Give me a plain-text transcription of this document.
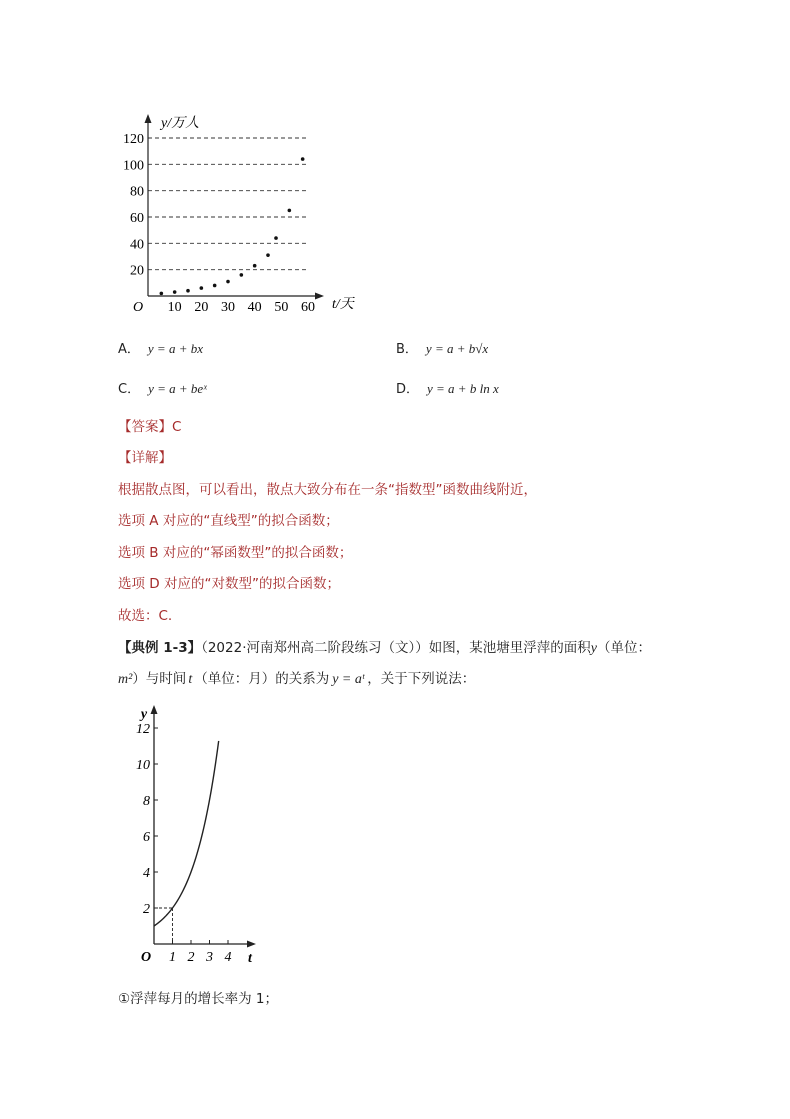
y/万人
t/天
O
20
40
60
80
100
120
10 20 30 40 50 60
A． y = a + bx	B． y = a + b√x
C． y = a + beˣ	D． y = a + b ln x
【答案】C
【详解】
根据散点图，可以看出，散点大致分布在一条“指数型”函数曲线附近，
选项 A 对应的“直线型”的拟合函数；
选项 B 对应的“幂函数型”的拟合函数；
选项 D 对应的“对数型”的拟合函数；
故选：C.
【典例 1-3】（2022·河南郑州高二阶段练习（文））如图，某池塘里浮萍的面积y（单位：
m²）与时间 t （单位：月）的关系为 y = aᵗ ，关于下列说法：
y
t
O
2
4
6
8
10
12
1 2 3 4
①浮萍每月的增长率为 1；
